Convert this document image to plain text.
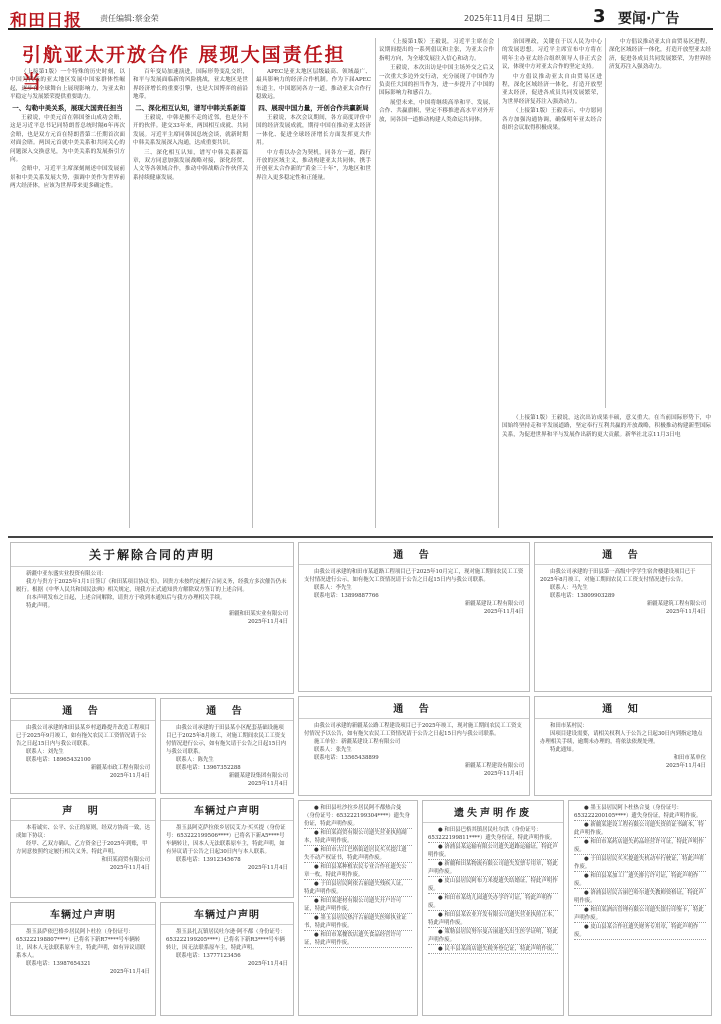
和田日报 责任编辑:蔡金荣	2025年11月4日 星期二 3 要闻·广告
引航亚太开放合作 展现大国责任担当

（上接第1版）一个特殊的历史时刻，以中国为代表的亚太地区发展中国家群体性崛起，逐步在全球舞台上展现影响力，为亚太和平稳定与发展繁荣提供重要助力。

一、勾勒中美关系，展现大国责任担当

王毅说，中美元首在韩国釜山成功会晤，这是习近平总书记同特朗普总统时隔6年再次会晤，也是双方元首在特朗普第二任期首次面对面会晤。两国元首就中美关系和共同关心的问题深入交换意见，为中美关系的发展指引方向。

会晤中，习近平主席深刻阐述中国发展前景和中美关系发展大势，强调中美作为世界前两大经济体，应该为世界带来更多确定性。

百年变局加速演进，国际形势变乱交织，和平与发展面临新的风险挑战，亚太地区是世界经济增长的重要引擎，也是大国博弈的前沿地带。

二、深化相互认知，谱写中韩关系新篇

王毅说，中韩是搬不走的近邻，也是分不开的伙伴。建交33年来，两国相互成就、共同发展。习近平主席同韩国总统会谈，就新时期中韩关系发展深入沟通，达成重要共识。

三、深化相互认知，谱写中韩关系新篇章，双方同意加强发展战略对接，深化经贸、人文等各领域合作，推动中韩战略合作伙伴关系持续健康发展。

APEC是亚太地区层级最高、领域最广、最具影响力的经济合作机制。作为下届APEC东道主，中国愿同各方一道，推动亚太合作行稳致远。

四、展现中国力量，开创合作共赢新局

王毅说，本次会议期间，各方高度评价中国的经济发展成就，期待中国在推动亚太经济一体化、促进全球经济增长方面发挥更大作用。

中方将以办会为契机，同各方一道，践行开放的区域主义，推动构建亚太共同体，携手开创亚太合作新的“黄金三十年”，为地区和世界注入更多稳定性和正能量。

（上接第1版）王毅说，习近平主席在会议期间提出的一系列倡议和主张，为亚太合作指明方向，为全球发展注入信心和动力。

王毅说，本次出访是中国主场外交之后又一次重大多边外交行动，充分展现了中国作为负责任大国的担当作为，进一步提升了中国的国际影响力和感召力。

展望未来，中国将继续高举和平、发展、合作、共赢旗帜，坚定不移推进高水平对外开放，同各国一道推动构建人类命运共同体。

治国理政，关键在于以人民为中心的发展思想。习近平主席宣布中方将在明年主办亚太经合组织领导人非正式会议，体现中方对亚太合作的坚定支持。

中方倡议推动亚太自由贸易区进程，深化区域经济一体化，打造开放型亚太经济，促进各成员共同发展繁荣，为世界经济复苏注入强劲动力。

（上接第1版）王毅表示，中方愿同各方加强沟通协调，确保明年亚太经合组织会议取得积极成果。

中方倡议推动亚太自由贸易区进程，深化区域经济一体化，打造开放型亚太经济，促进各成员共同发展繁荣，为世界经济复苏注入强劲动力。

（上接第1版）王毅说，这次出访成果丰硕，意义重大。在当前国际形势下，中国始终坚持走和平发展道路，坚定奉行互利共赢的开放战略，积极推动构建新型国际关系，为促进世界和平与发展作出新的更大贡献。新华社北京11月3日电

关于解除合同的声明

新疆中亚东盛实业投资有限公司：

我方与贵方于2025年1月1日签订《和田某项目协议书》，因贵方未按约定履行合同义务，经我方多次催告仍未履行。根据《中华人民共和国民法典》相关规定，现我方正式通知贵方解除双方签订的上述合同。

自本声明发布之日起，上述合同解除，请贵方于收到本通知后与我方办理相关手续。

特此声明。

新疆和田某实业有限公司

2025年11月4日

通 告

由我公司承建的和田市某道路工程项目已于2025年10月完工，现对施工期间农民工工资支付情况进行公示，如有拖欠工资情况请于公告之日起15日内与我公司联系。

联系人：李先生

联系电话：13899887766

新疆某建设工程有限公司

2025年11月4日

通 告

由我公司承建的于田县第一高级中学学生宿舍楼建设项目已于2025年8月竣工，对施工期间农民工工资支付情况进行公告。

联系人：马先生

联系电话：13809903289

新疆某建筑工程有限公司

2025年11月4日

通 告

由我公司承建的和田县某乡村道路提升改造工程项目已于2025年9月竣工，如有拖欠农民工工资情况请于公告之日起15日内与我公司联系。

联系人：刘先生

联系电话：18965432100

新疆某市政工程有限公司

2025年11月4日

通 告

由我公司承建的于田县某小区配套基础设施项目已于2025年8月竣工，对施工期间农民工工资支付情况进行公示，如有拖欠请于公告之日起15日内与我公司联系。

联系人：陈先生

联系电话：13967352288

新疆某建设集团有限公司

2025年11月4日

通 告

由我公司承建的新疆某公路工程建设项目已于2025年竣工，现对施工期间农民工工资支付情况予以公告，如有拖欠农民工工资情况请于公告之日起15日内与我公司联系。

施工单位：新疆某建设工程有限公司

联系人：张先生

联系电话：13565438899

新疆某工程建设有限公司

2025年11月4日

通 知

和田市某村民：

因项目建设需要，请相关权利人于公告之日起30日内到指定地点办理相关手续，逾期未办理的，将依法依规处理。

特此通知。

和田市某单位

2025年11月4日

声 明

本着诚实、公平、公正的原则，经双方协商一致，达成如下协议：

经甲、乙双方确认，乙方资金已于2025年到账，甲方同意按照约定履行相关义务，特此声明。

和田某商贸有限公司

2025年11月4日

车辆过户声明

墨玉县阿克萨拉依乡居民艾力·买买提（身份证号：653222199506****）已将名下新A5****号车辆转让，因本人无法联系原车主，特此声明，如有异议请于公告之日起30日内与本人联系。

联系电话：13912345678

2025年11月4日

车辆过户声明

墨玉县萨依巴格乡居民阿卜杜拉（身份证号：653222198807****）已将名下新R7****号车辆转让，因本人无法联系原车主，特此声明，如有异议请联系本人。

联系电话：13987654321

2025年11月4日

车辆过户声明

墨玉县扎瓦镇居民吐尔逊·阿不都（身份证号：653222199205****）已将名下新R3****号车辆转让，因无法联系原车主，特此声明。

联系电话：13777123456

2025年11月4日

● 和田县吐沙拉乡居民阿不都热合曼（身份证号：653222199304****）遗失身份证，特此声明作废。

● 和田某商贸有限公司遗失营业执照副本，特此声明作废。

● 和田市古江巴格街道居民买买提江遗失不动产权证书，特此声明作废。

● 和田县某种植农民专业合作社遗失公章一枚，特此声明作废。

● 于田县居民阿依古丽遗失残疾人证，特此声明作废。

● 和田某建材有限公司遗失开户许可证，特此声明作废。

● 墨玉县居民热汗古丽遗失医师执业证书，特此声明作废。

● 和田市某餐饮店遗失食品经营许可证，特此声明作废。

遗失声明作废

● 和田县巴格其镇居民吐尔洪（身份证号：653222199811****）遗失身份证，特此声明作废。

● 洛浦县某运输有限公司遗失道路运输证，特此声明作废。

● 新疆和田某物流有限公司遗失发票专用章，特此声明作废。

● 皮山县居民阿布力米提遗失结婚证，特此声明作废。

● 和田市某幼儿园遗失办学许可证，特此声明作废。

● 和田县某农业开发有限公司遗失营业执照正本，特此声明作废。

● 策勒县居民努尔曼古丽遗失出生医学证明，特此声明作废。

● 民丰县某商店遗失税务登记证，特此声明作废。

● 墨玉县居民阿卜杜热合曼（身份证号：653222200105****）遗失身份证，特此声明作废。

● 新疆某建设工程有限公司遗失资质证书副本，特此声明作废。

● 和田市某药店遗失药品经营许可证，特此声明作废。

● 于田县居民买买提遗失机动车行驶证，特此声明作废。

● 和田县某加工厂遗失排污许可证，特此声明作废。

● 洛浦县居民古丽巴哈尔遗失教师资格证，特此声明作废。

● 和田某酒店管理有限公司遗失银行印鉴卡，特此声明作废。

● 皮山县某合作社遗失财务专用章，特此声明作废。
